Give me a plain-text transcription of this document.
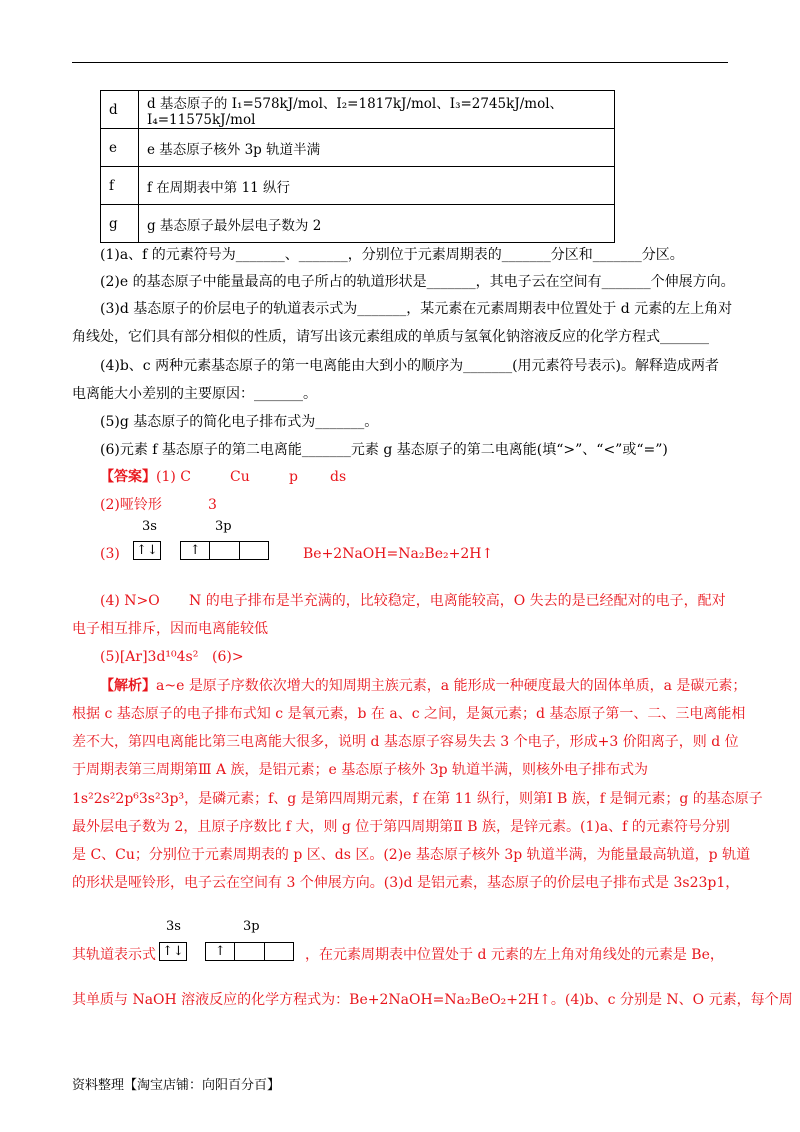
d	d 基态原子的 I₁=578kJ/mol、I₂=1817kJ/mol、I₃=2745kJ/mol、I₄=11575kJ/mol
e	e 基态原子核外 3p 轨道半满
f	f 在周期表中第 11 纵行
g	g 基态原子最外层电子数为 2
(1)a、f 的元素符号为_______、_______，分别位于元素周期表的_______分区和_______分区。
(2)e 的基态原子中能量最高的电子所占的轨道形状是_______，其电子云在空间有_______个伸展方向。
(3)d 基态原子的价层电子的轨道表示式为_______，某元素在元素周期表中位置处于 d 元素的左上角对
角线处，它们具有部分相似的性质，请写出该元素组成的单质与氢氧化钠溶液反应的化学方程式_______
(4)b、c 两种元素基态原子的第一电离能由大到小的顺序为_______(用元素符号表示)。解释造成两者
电离能大小差别的主要原因：_______。
(5)g 基态原子的简化电子排布式为_______。
(6)元素 f 基态原子的第二电离能_______元素 g 基态原子的第二电离能(填“>”、“<”或“=”)
【答案】(1) C	Cu	p ds
(2)哑铃形	3
3s	3p
(3) ↑↓	↑	Be+2NaOH=Na₂Be₂+2H↑
(4) N>O N 的电子排布是半充满的，比较稳定，电离能较高，O 失去的是已经配对的电子，配对
电子相互排斥，因而电离能较低
(5)[Ar]3d¹⁰4s² (6)>
【解析】a~e 是原子序数依次增大的知周期主族元素，a 能形成一种硬度最大的固体单质，a 是碳元素；
根据 c 基态原子的电子排布式知 c 是氧元素，b 在 a、c 之间，是氮元素；d 基态原子第一、二、三电离能相
差不大，第四电离能比第三电离能大很多，说明 d 基态原子容易失去 3 个电子，形成+3 价阳离子，则 d 位
于周期表第三周期第Ⅲ A 族，是铝元素；e 基态原子核外 3p 轨道半满，则核外电子排布式为
1s²2s²2p⁶3s²3p³，是磷元素；f、g 是第四周期元素，f 在第 11 纵行，则第Ⅰ B 族，f 是铜元素；g 的基态原子
最外层电子数为 2，且原子序数比 f 大，则 g 位于第四周期第Ⅱ B 族，是锌元素。(1)a、f 的元素符号分别
是 C、Cu；分别位于元素周期表的 p 区、ds 区。(2)e 基态原子核外 3p 轨道半满，为能量最高轨道，p 轨道
的形状是哑铃形，电子云在空间有 3 个伸展方向。(3)d 是铝元素，基态原子的价层电子排布式是 3s23p1，
3s	3p
其轨道表示式 ↑↓	↑	，在元素周期表中位置处于 d 元素的左上角对角线处的元素是 Be，
其单质与 NaOH 溶液反应的化学方程式为：Be+2NaOH=Na₂BeO₂+2H↑。(4)b、c 分别是 N、O 元素，每个周
资料整理【淘宝店铺：向阳百分百】
